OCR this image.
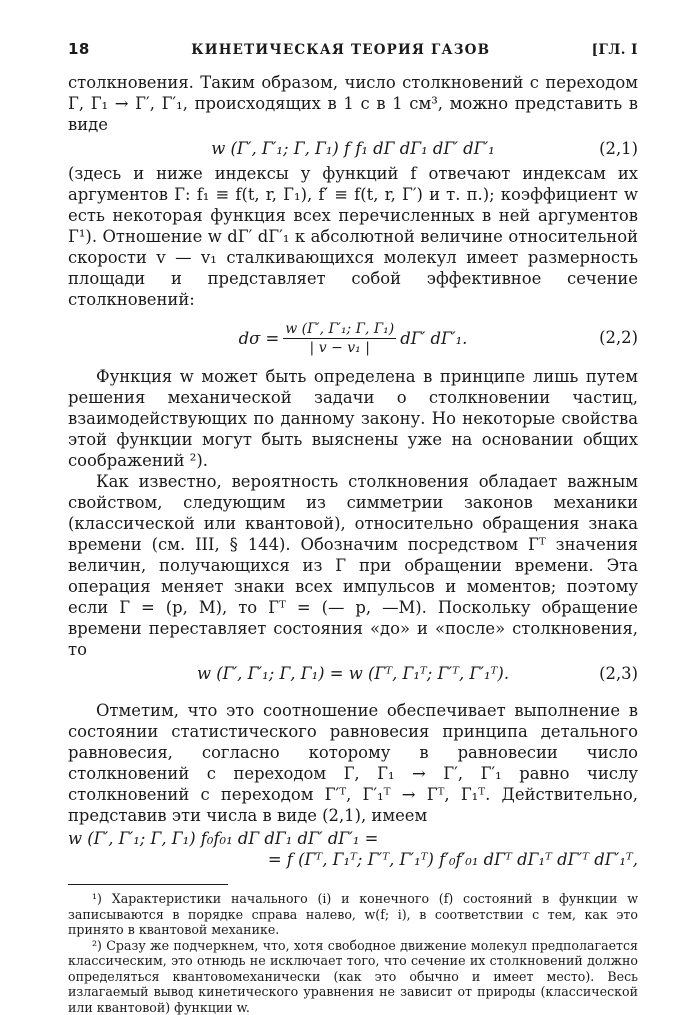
18	КИНЕТИЧЕСКАЯ ТЕОРИЯ ГАЗОВ	[ГЛ. I

столкновения. Таким образом, число столкновений с переходом Г, Г₁ → Г′, Г′₁, происходящих в 1 с в 1 см³, можно представить в виде

w (Г′, Г′₁; Г, Г₁) f f₁ dГ dГ₁ dГ′ dГ′₁	(2,1)

(здесь и ниже индексы у функций f отвечают индексам их аргументов Г: f₁ ≡ f(t, r, Г₁), f′ ≡ f(t, r, Г′) и т. п.); коэффициент w есть некоторая функция всех перечисленных в ней аргументов Г¹). Отношение w dГ′ dГ′₁ к абсолютной величине относительной скорости v — v₁ сталкивающихся молекул имеет размерность площади и представляет собой эффективное сечение столкновений:

$d\sigma = \frac{\text{w (Г′, Г′₁; Г, Г₁)}}{\text{| v − v₁ |}} dГ'$ dГ′₁.	(2,2)

Функция w может быть определена в принципе лишь путем решения механической задачи о столкновении частиц, взаимодействующих по данному закону. Но некоторые свойства этой функции могут быть выяснены уже на основании общих соображений ²).

Как известно, вероятность столкновения обладает важным свойством, следующим из симметрии законов механики (классической или квантовой), относительно обращения знака времени (см. III, § 144). Обозначим посредством Гᵀ значения величин, получающихся из Г при обращении времени. Эта операция меняет знаки всех импульсов и моментов; поэтому если Г = (p, M), то Гᵀ = (— p, —M). Поскольку обращение времени переставляет состояния «до» и «после» столкновения, то

w (Г′, Г′₁; Г, Г₁) = w (Гᵀ, Г₁ᵀ; Г′ᵀ, Г′₁ᵀ).	(2,3)

Отметим, что это соотношение обеспечивает выполнение в состоянии статистического равновесия принципа детального равновесия, согласно которому в равновесии число столкновений с переходом Г, Г₁ → Г′, Г′₁ равно числу столкновений с переходом Г′ᵀ, Г′₁ᵀ → Гᵀ, Г₁ᵀ. Действительно, представив эти числа в виде (2,1), имеем

w (Г′, Г′₁; Г, Г₁) f₀f₀₁ dГ dГ₁ dГ′ dГ′₁ =
= f (Гᵀ, Г₁ᵀ; Г′ᵀ, Г′₁ᵀ) f′₀f′₀₁ dГᵀ dГ₁ᵀ dГ′ᵀ dГ′₁ᵀ,

¹) Характеристики начального (i) и конечного (f) состояний в функции w записываются в порядке справа налево, w(f; i), в соответствии с тем, как это принято в квантовой механике.

²) Сразу же подчеркнем, что, хотя свободное движение молекул предполагается классическим, это отнюдь не исключает того, что сечение их столкновений должно определяться квантовомеханически (как это обычно и имеет место). Весь излагаемый вывод кинетического уравнения не зависит от природы (классической или квантовой) функции w.
